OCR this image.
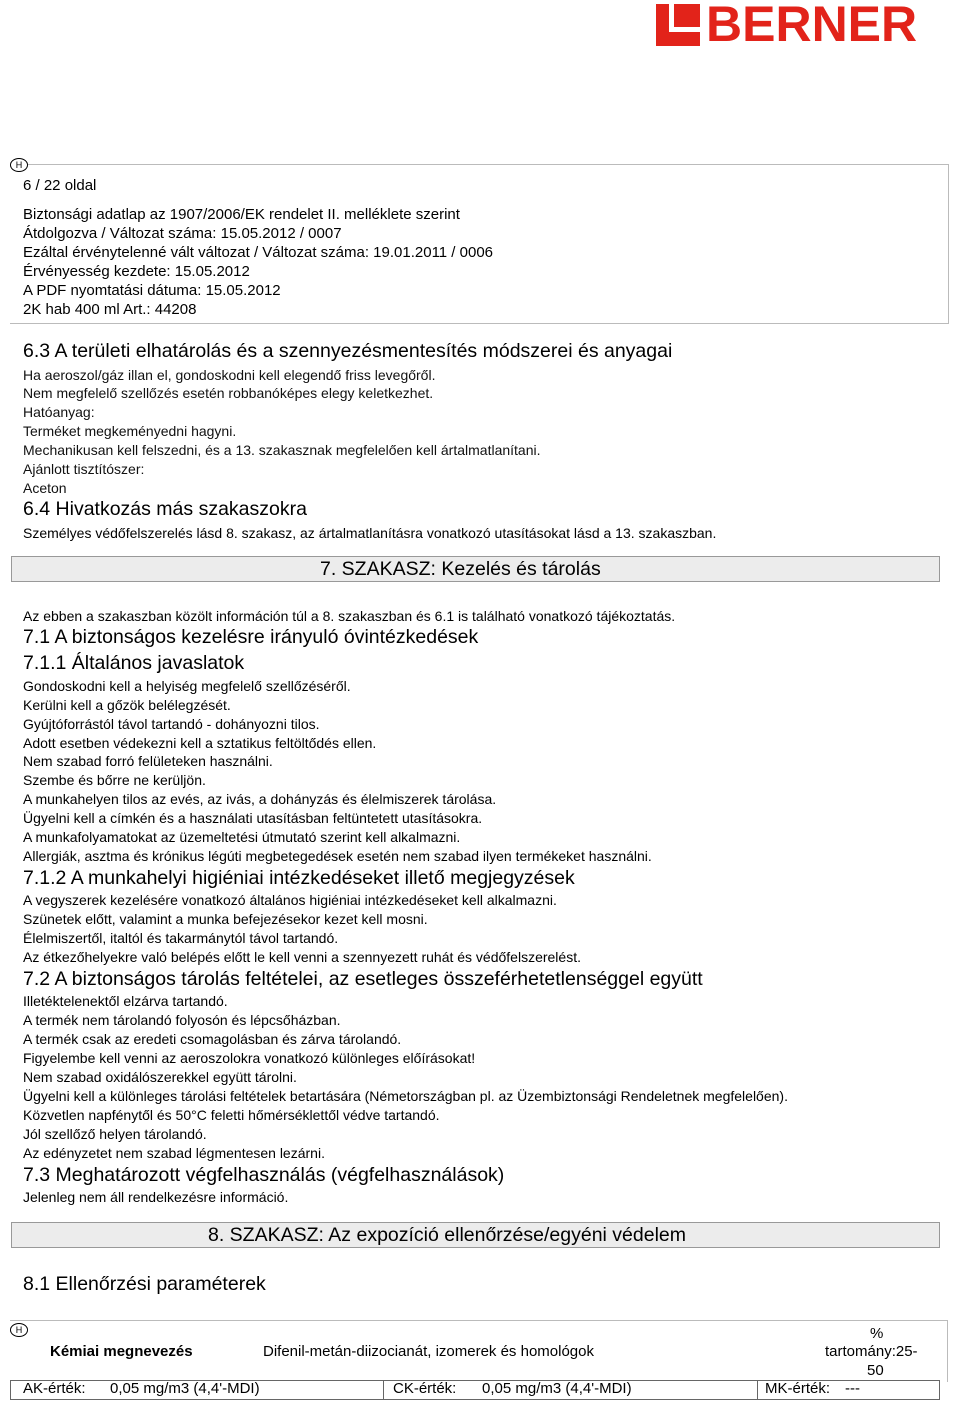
BERNER
H
6 / 22 oldal
Biztonsági adatlap az 1907/2006/EK rendelet II. melléklete szerint
Átdolgozva / Változat száma: 15.05.2012 / 0007
Ezáltal érvénytelenné vált változat / Változat száma: 19.01.2011 / 0006
Érvényesség kezdete: 15.05.2012
A PDF nyomtatási dátuma: 15.05.2012
2K hab 400 ml Art.: 44208
6.3 A területi elhatárolás és a szennyezésmentesítés módszerei és anyagai
Ha aeroszol/gáz illan el, gondoskodni kell elegendő friss levegőről.
Nem megfelelő szellőzés esetén robbanóképes elegy keletkezhet.
Hatóanyag:
Terméket megkeményedni hagyni.
Mechanikusan kell felszedni, és a 13. szakasznak megfelelően kell ártalmatlanítani.
Ajánlott tisztítószer:
Aceton
6.4 Hivatkozás más szakaszokra
Személyes védőfelszerelés lásd 8. szakasz, az ártalmatlanításra vonatkozó utasításokat lásd a 13. szakaszban.
7. SZAKASZ: Kezelés és tárolás
Az ebben a szakaszban közölt információn túl a 8. szakaszban és 6.1 is található vonatkozó tájékoztatás.
7.1 A biztonságos kezelésre irányuló óvintézkedések
7.1.1 Általános javaslatok
Gondoskodni kell a helyiség megfelelő szellőzéséről.
Kerülni kell a gőzök belélegzését.
Gyújtóforrástól távol tartandó - dohányozni tilos.
Adott esetben védekezni kell a sztatikus feltöltődés ellen.
Nem szabad forró felületeken használni.
Szembe és bőrre ne kerüljön.
A munkahelyen tilos az evés, az ivás, a dohányzás és élelmiszerek tárolása.
Ügyelni kell a címkén és a használati utasításban feltüntetett utasításokra.
A munkafolyamatokat az üzemeltetési útmutató szerint kell alkalmazni.
Allergiák, asztma és krónikus légúti megbetegedések esetén nem szabad ilyen termékeket használni.
7.1.2 A munkahelyi higiéniai intézkedéseket illető megjegyzések
A vegyszerek kezelésére vonatkozó általános higiéniai intézkedéseket kell alkalmazni.
Szünetek előtt, valamint a munka befejezésekor kezet kell mosni.
Élelmiszertől, italtól és takarmánytól távol tartandó.
Az étkezőhelyekre való belépés előtt le kell venni a szennyezett ruhát és védőfelszerelést.
7.2 A biztonságos tárolás feltételei, az esetleges összeférhetetlenséggel együtt
Illetéktelenektől elzárva tartandó.
A termék nem tárolandó folyosón és lépcsőházban.
A termék csak az eredeti csomagolásban és zárva tárolandó.
Figyelembe kell venni az aeroszolokra vonatkozó különleges előírásokat!
Nem szabad oxidálószerekkel együtt tárolni.
Ügyelni kell a különleges tárolási feltételek betartására (Németországban pl. az Üzembiztonsági Rendeletnek megfelelően).
Közvetlen napfénytől és 50°C feletti hőmérséklettől védve tartandó.
Jól szellőző helyen tárolandó.
Az edényzetet nem szabad légmentesen lezárni.
7.3 Meghatározott végfelhasználás (végfelhasználások)
Jelenleg nem áll rendelkezésre információ.
8. SZAKASZ: Az expozíció ellenőrzése/egyéni védelem
8.1 Ellenőrzési paraméterek
H
Kémiai megnevezés	Difenil-metán-diizocianát, izomerek és homológok
%
tartomány:25-
50
AK-érték: 0,05 mg/m3 (4,4'-MDI)	CK-érték: 0,05 mg/m3 (4,4'-MDI)	MK-érték: ---
